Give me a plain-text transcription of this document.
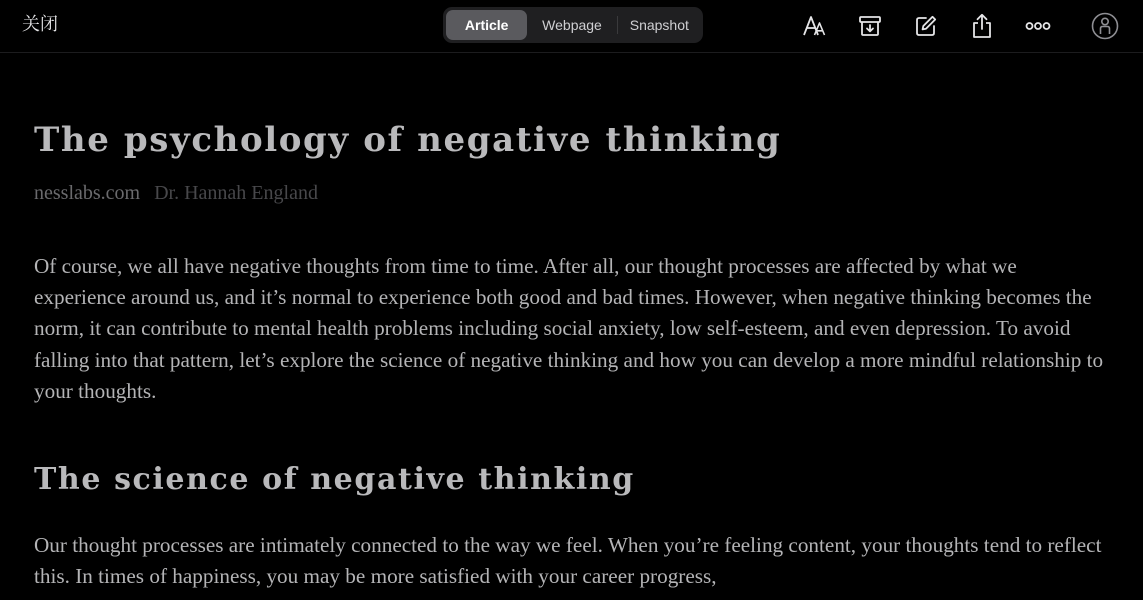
关闭	Article	Webpage	Snapshot
The psychology of negative thinking
nesslabs.com Dr. Hannah England

Of course, we all have negative thoughts from time to time. After all, our thought processes are affected by what we experience around us, and it’s normal to experience both good and bad times. However, when negative thinking becomes the norm, it can contribute to mental health problems including social anxiety, low self-esteem, and even depression. To avoid falling into that pattern, let’s explore the science of negative thinking and how you can develop a more mindful relationship to your thoughts.

The science of negative thinking

Our thought processes are intimately connected to the way we feel. When you’re feeling content, your thoughts tend to reflect this. In times of happiness, you may be more satisfied with your career progress,
